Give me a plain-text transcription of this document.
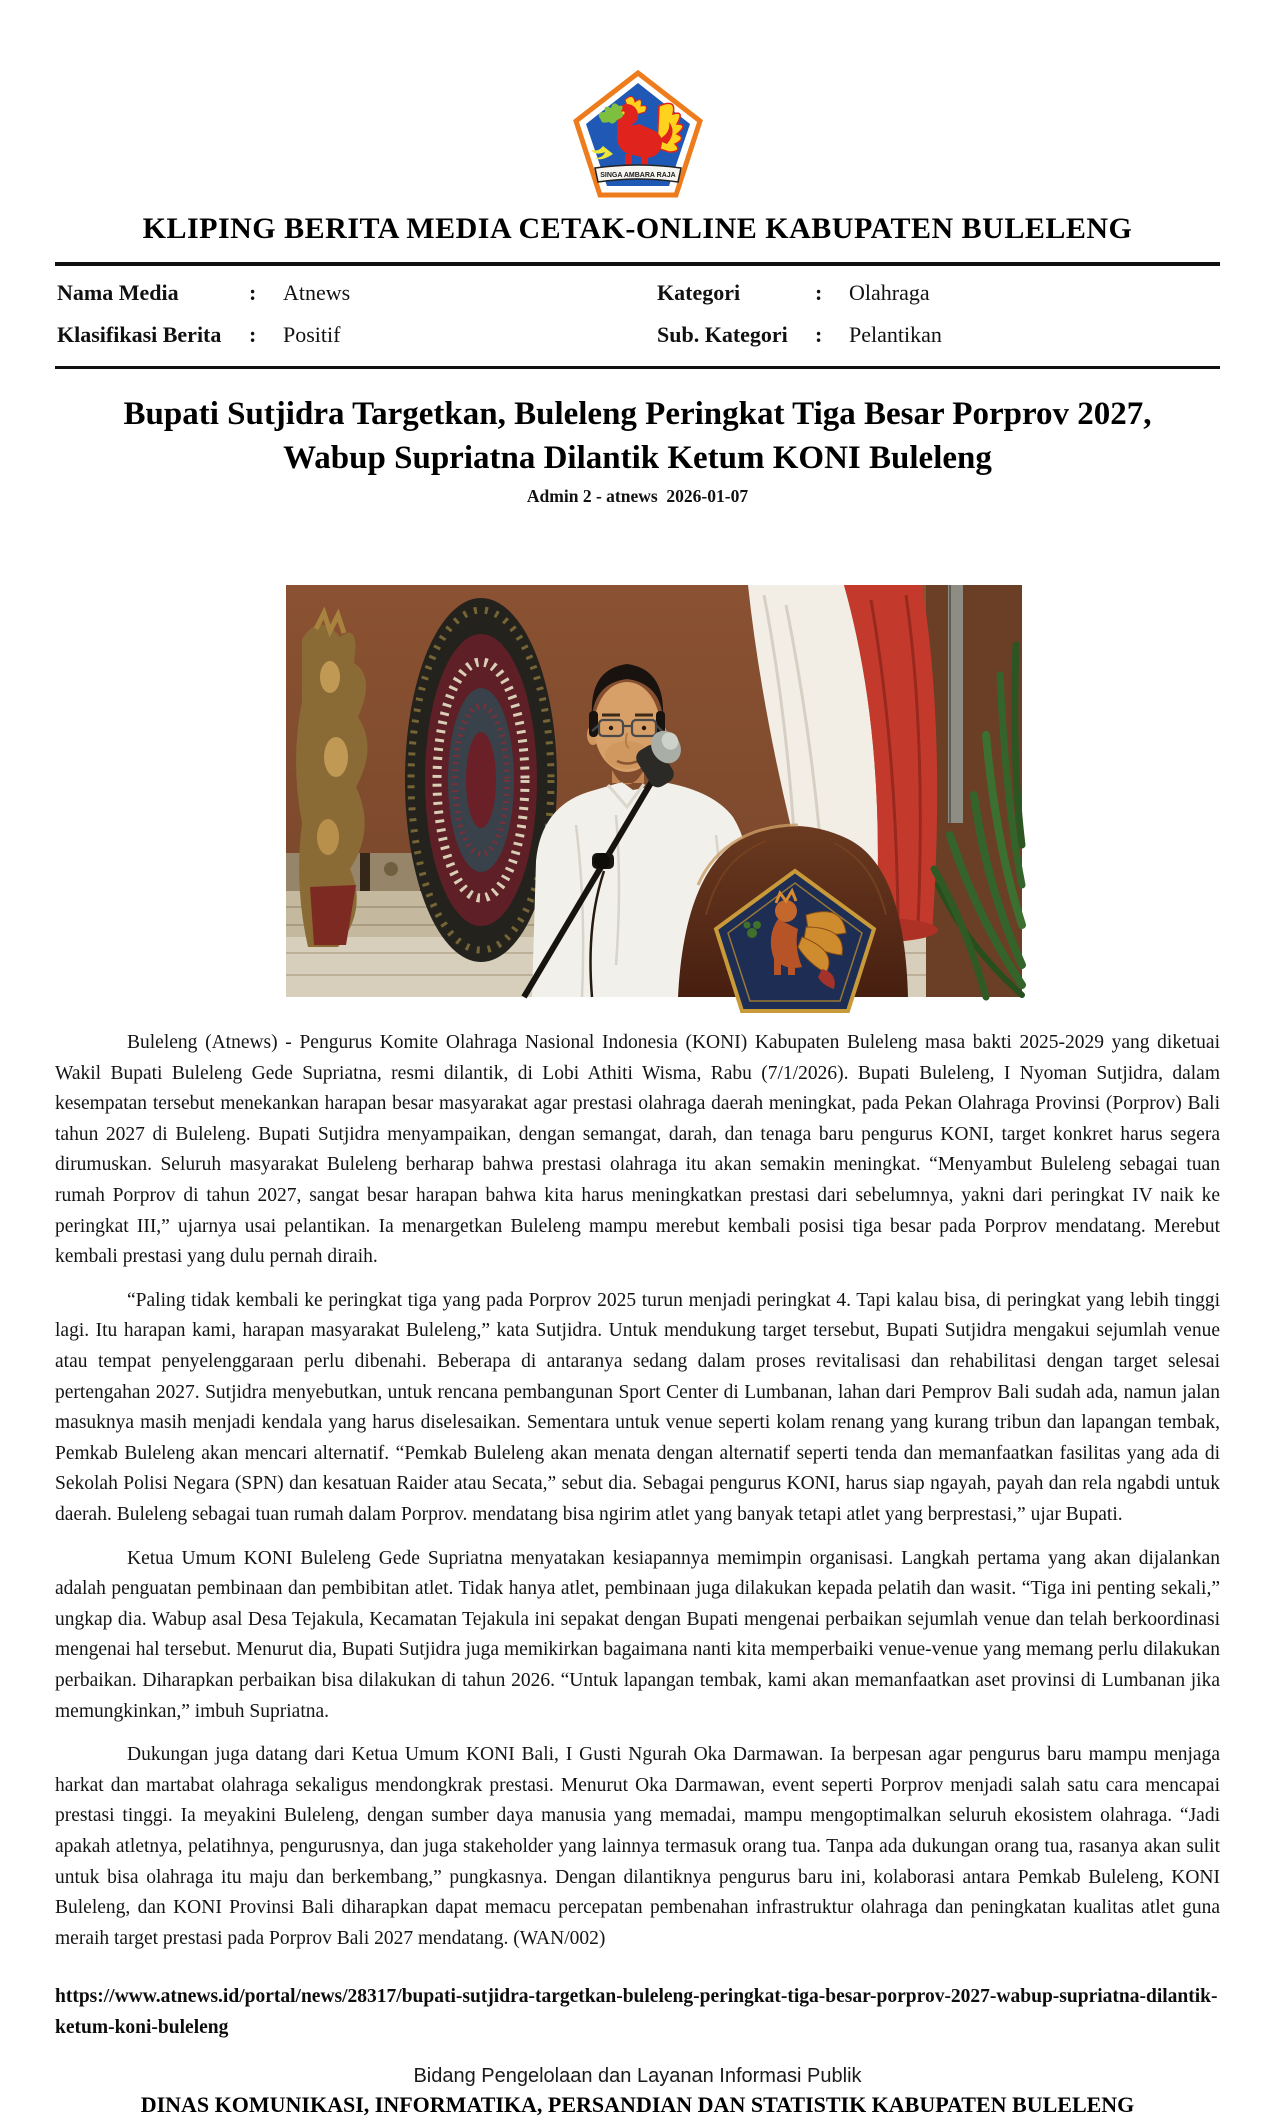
SINGA AMBARA RAJA
KLIPING BERITA MEDIA CETAK-ONLINE KABUPATEN BULELENG
Nama Media	:	Atnews	Kategori	:	Olahraga
Klasifikasi Berita	:	Positif	Sub. Kategori	:	Pelantikan
Bupati Sutjidra Targetkan, Buleleng Peringkat Tiga Besar Porprov 2027, Wabup Supriatna Dilantik Ketum KONI Buleleng
Admin 2 - atnews  2026-01-07

Buleleng (Atnews) - Pengurus Komite Olahraga Nasional Indonesia (KONI) Kabupaten Buleleng masa bakti 2025-2029 yang diketuai Wakil Bupati Buleleng Gede Supriatna, resmi dilantik, di Lobi Athiti Wisma, Rabu (7/1/2026). Bupati Buleleng, I Nyoman Sutjidra, dalam kesempatan tersebut menekankan harapan besar masyarakat agar prestasi olahraga daerah meningkat, pada Pekan Olahraga Provinsi (Porprov) Bali tahun 2027 di Buleleng. Bupati Sutjidra menyampaikan, dengan semangat, darah, dan tenaga baru pengurus KONI, target konkret harus segera dirumuskan. Seluruh masyarakat Buleleng berharap bahwa prestasi olahraga itu akan semakin meningkat. “Menyambut Buleleng sebagai tuan rumah Porprov di tahun 2027, sangat besar harapan bahwa kita harus meningkatkan prestasi dari sebelumnya, yakni dari peringkat IV naik ke peringkat III,” ujarnya usai pelantikan. Ia menargetkan Buleleng mampu merebut kembali posisi tiga besar pada Porprov mendatang. Merebut kembali prestasi yang dulu pernah diraih.

“Paling tidak kembali ke peringkat tiga yang pada Porprov 2025 turun menjadi peringkat 4. Tapi kalau bisa, di peringkat yang lebih tinggi lagi. Itu harapan kami, harapan masyarakat Buleleng,” kata Sutjidra. Untuk mendukung target tersebut, Bupati Sutjidra mengakui sejumlah venue atau tempat penyelenggaraan perlu dibenahi. Beberapa di antaranya sedang dalam proses revitalisasi dan rehabilitasi dengan target selesai pertengahan 2027. Sutjidra menyebutkan, untuk rencana pembangunan Sport Center di Lumbanan, lahan dari Pemprov Bali sudah ada, namun jalan masuknya masih menjadi kendala yang harus diselesaikan. Sementara untuk venue seperti kolam renang yang kurang tribun dan lapangan tembak, Pemkab Buleleng akan mencari alternatif. “Pemkab Buleleng akan menata dengan alternatif seperti tenda dan memanfaatkan fasilitas yang ada di Sekolah Polisi Negara (SPN) dan kesatuan Raider atau Secata,” sebut dia. Sebagai pengurus KONI, harus siap ngayah, payah dan rela ngabdi untuk daerah. Buleleng sebagai tuan rumah dalam Porprov. mendatang bisa ngirim atlet yang banyak tetapi atlet yang berprestasi,” ujar Bupati.

Ketua Umum KONI Buleleng Gede Supriatna menyatakan kesiapannya memimpin organisasi. Langkah pertama yang akan dijalankan adalah penguatan pembinaan dan pembibitan atlet. Tidak hanya atlet, pembinaan juga dilakukan kepada pelatih dan wasit. “Tiga ini penting sekali,” ungkap dia. Wabup asal Desa Tejakula, Kecamatan Tejakula ini sepakat dengan Bupati mengenai perbaikan sejumlah venue dan telah berkoordinasi mengenai hal tersebut. Menurut dia, Bupati Sutjidra juga memikirkan bagaimana nanti kita memperbaiki venue-venue yang memang perlu dilakukan perbaikan. Diharapkan perbaikan bisa dilakukan di tahun 2026. “Untuk lapangan tembak, kami akan memanfaatkan aset provinsi di Lumbanan jika memungkinkan,” imbuh Supriatna.

Dukungan juga datang dari Ketua Umum KONI Bali, I Gusti Ngurah Oka Darmawan. Ia berpesan agar pengurus baru mampu menjaga harkat dan martabat olahraga sekaligus mendongkrak prestasi. Menurut Oka Darmawan, event seperti Porprov menjadi salah satu cara mencapai prestasi tinggi. Ia meyakini Buleleng, dengan sumber daya manusia yang memadai, mampu mengoptimalkan seluruh ekosistem olahraga. “Jadi apakah atletnya, pelatihnya, pengurusnya, dan juga stakeholder yang lainnya termasuk orang tua. Tanpa ada dukungan orang tua, rasanya akan sulit untuk bisa olahraga itu maju dan berkembang,” pungkasnya. Dengan dilantiknya pengurus baru ini, kolaborasi antara Pemkab Buleleng, KONI Buleleng, dan KONI Provinsi Bali diharapkan dapat memacu percepatan pembenahan infrastruktur olahraga dan peningkatan kualitas atlet guna meraih target prestasi pada Porprov Bali 2027 mendatang. (WAN/002)

https://www.atnews.id/portal/news/28317/bupati-sutjidra-targetkan-buleleng-peringkat-tiga-besar-porprov-2027-wabup-supriatna-dilantik-ketum-koni-buleleng

Bidang Pengelolaan dan Layanan Informasi Publik
DINAS KOMUNIKASI, INFORMATIKA, PERSANDIAN DAN STATISTIK KABUPATEN BULELENG
